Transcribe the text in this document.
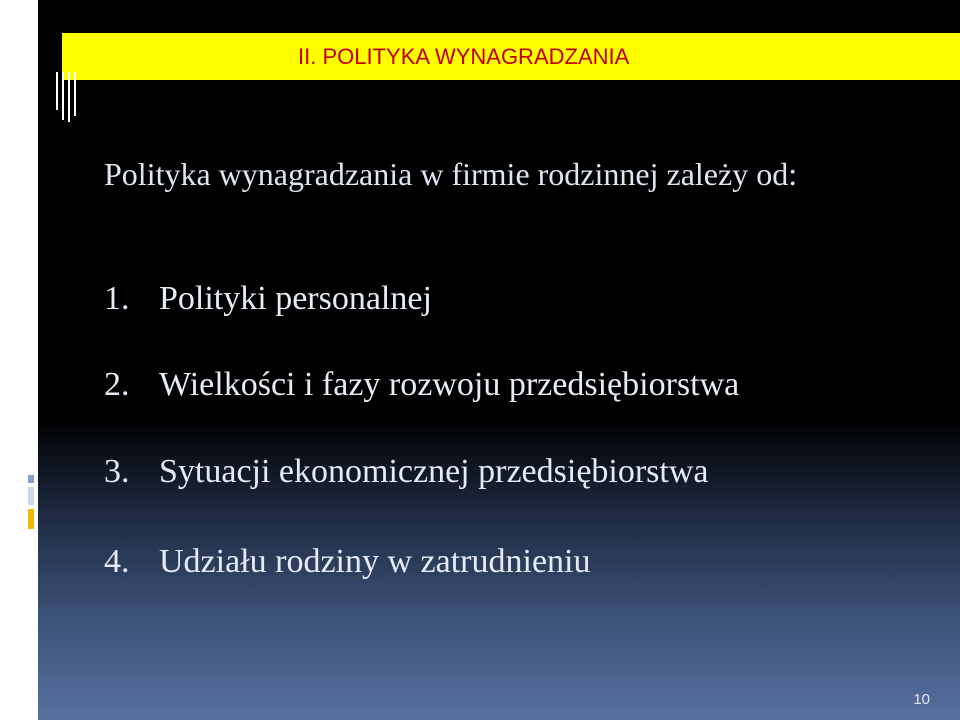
II. POLITYKA WYNAGRADZANIA
Polityka wynagradzania w firmie rodzinnej zależy od:
1. Polityki personalnej
2. Wielkości i fazy rozwoju przedsiębiorstwa
3. Sytuacji ekonomicznej przedsiębiorstwa
4. Udziału rodziny w zatrudnieniu
10
